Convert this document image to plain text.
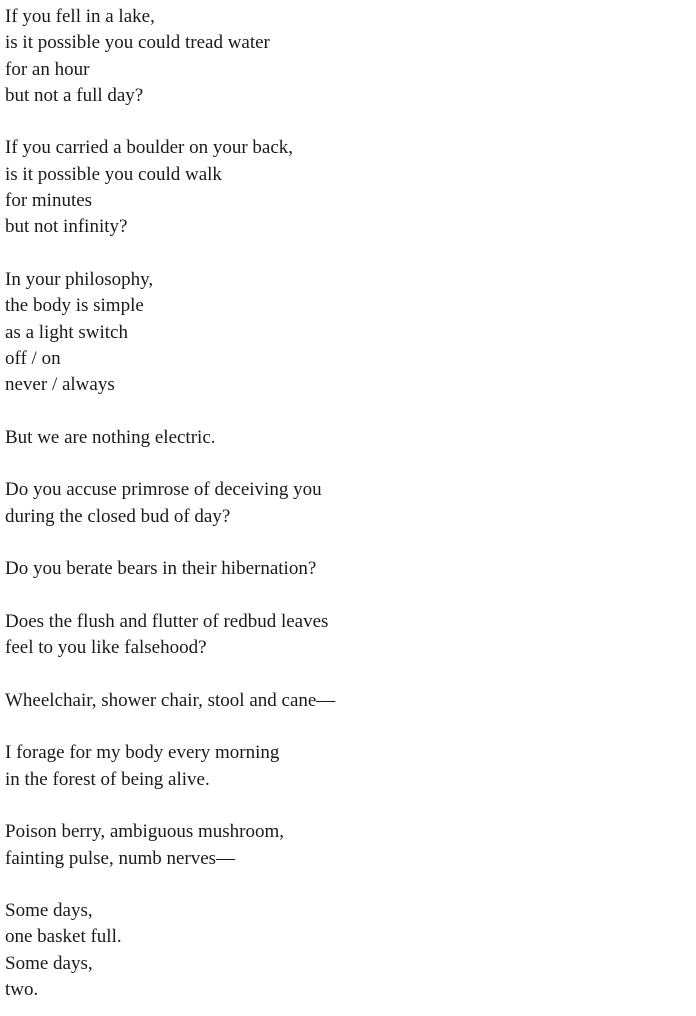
If you fell in a lake,
is it possible you could tread water
for an hour
but not a full day?
If you carried a boulder on your back,
is it possible you could walk
for minutes
but not infinity?
In your philosophy,
the body is simple
as a light switch
off / on
never / always
But we are nothing electric.
Do you accuse primrose of deceiving you
during the closed bud of day?
Do you berate bears in their hibernation?
Does the flush and flutter of redbud leaves
feel to you like falsehood?
Wheelchair, shower chair, stool and cane—
I forage for my body every morning
in the forest of being alive.
Poison berry, ambiguous mushroom,
fainting pulse, numb nerves—
Some days,
one basket full.
Some days,
two.
